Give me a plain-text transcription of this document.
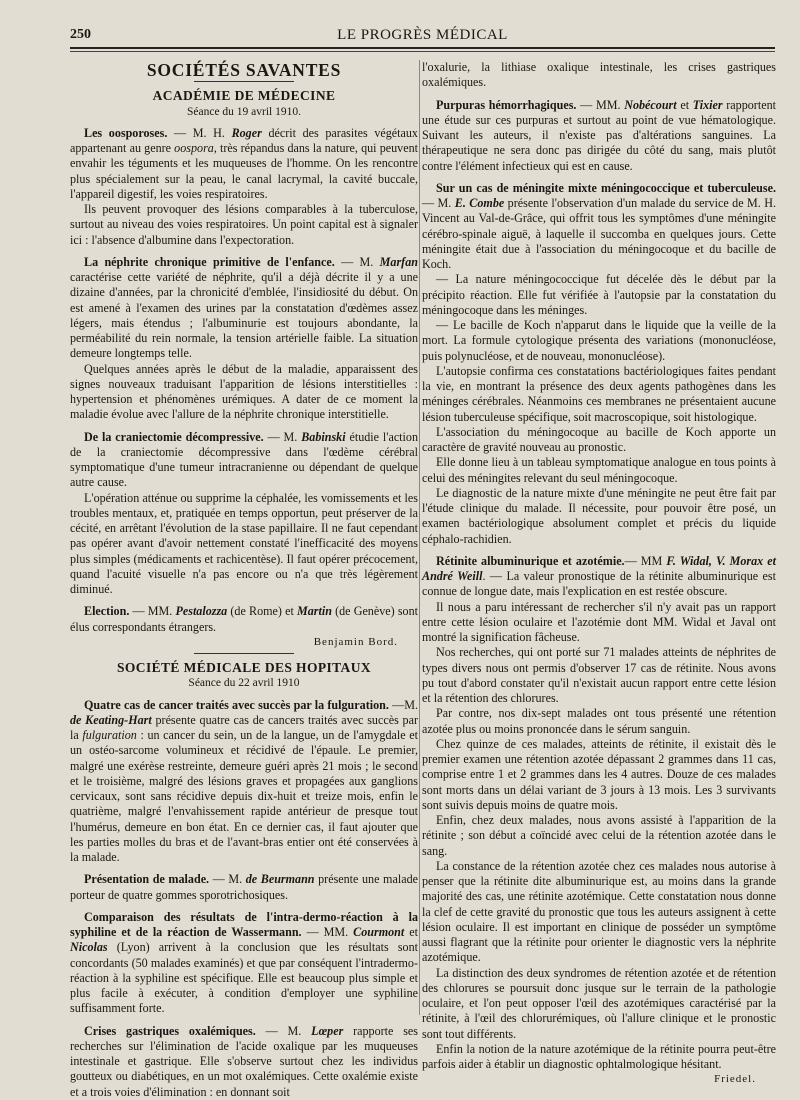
250	LE PROGRÈS MÉDICAL
SOCIÉTÉS SAVANTES
ACADÉMIE DE MÉDECINE
Séance du 19 avril 1910.

Les oosporoses. — M. H. Roger décrit des parasites végétaux appartenant au genre oospora, très répandus dans la nature, qui peuvent envahir les téguments et les muqueuses de l'homme. On les rencontre plus spécialement sur la peau, le canal lacrymal, la cavité buccale, l'appareil digestif, les voies respiratoires.

Ils peuvent provoquer des lésions comparables à la tuberculose, surtout au niveau des voies respiratoires. Un point capital est à signaler ici : l'absence d'albumine dans l'expectoration.

La néphrite chronique primitive de l'enfance. — M. Marfan caractérise cette variété de néphrite, qu'il a déjà décrite il y a une dizaine d'années, par la chronicité d'emblée, l'insidiosité du début. On est amené à l'examen des urines par la constatation d'œdèmes assez légers, mais étendus ; l'albuminurie est toujours abondante, la perméabilité du rein normale, la tension artérielle faible. La situation demeure longtemps telle.

Quelques années après le début de la maladie, apparaissent des signes nouveaux traduisant l'apparition de lésions interstitielles : hypertension et phénomènes urémiques. A dater de ce moment la maladie évolue avec l'allure de la néphrite chronique interstitielle.

De la craniectomie décompressive. — M. Babinski étudie l'action de la craniectomie décompressive dans l'œdème cérébral symptomatique d'une tumeur intracranienne ou dépendant de quelque autre cause.

L'opération atténue ou supprime la céphalée, les vomissements et les troubles mentaux, et, pratiquée en temps opportun, peut préserver de la cécité, en arrêtant l'évolution de la stase papillaire. Il ne faut cependant pas opérer avant d'avoir nettement constaté l'inefficacité des moyens plus simples (médicaments et rachicentèse). Il faut opérer précocement, quand l'acuité visuelle n'a pas encore ou n'a que très légèrement diminué.

Election. — MM. Pestalozza (de Rome) et Martin (de Genève) sont élus correspondants étrangers.

Benjamin Bord.
SOCIÉTÉ MÉDICALE DES HOPITAUX
Séance du 22 avril 1910

Quatre cas de cancer traités avec succès par la fulguration. —M. de Keating-Hart présente quatre cas de cancers traités avec succès par la fulguration : un cancer du sein, un de la langue, un de l'amygdale et un ostéo-sarcome volumineux et récidivé de l'épaule. Le premier, malgré une exérèse restreinte, demeure guéri après 21 mois ; le second et le troisième, malgré des lésions graves et propagées aux ganglions cervicaux, sont sans récidive depuis dix-huit et treize mois, enfin le quatrième, malgré l'envahissement rapide antérieur de presque tout l'humérus, demeure en bon état. En ce dernier cas, il faut ajouter que les parties molles du bras et de l'avant-bras entier ont été conservées à la malade.

Présentation de malade. — M. de Beurmann présente une malade porteur de quatre gommes sporotrichosiques.

Comparaison des résultats de l'intra-dermo-réaction à la syphiline et de la réaction de Wassermann. — MM. Courmont et Nicolas (Lyon) arrivent à la conclusion que les résultats sont concordants (50 malades examinés) et que par conséquent l'intradermo-réaction à la syphiline est spécifique. Elle est beaucoup plus simple et plus facile à exécuter, à condition d'employer une syphiline suffisamment forte.

Crises gastriques oxalémiques. — M. Lœper rapporte ses recherches sur l'élimination de l'acide oxalique par les muqueuses intestinale et gastrique. Elle s'observe surtout chez les individus goutteux ou diabétiques, en un mot oxalémiques. Cette oxalémie existe et a trois voies d'élimination : en donnant soit

l'oxalurie, la lithiase oxalique intestinale, les crises gastriques oxalémiques.

Purpuras hémorrhagiques. — MM. Nobécourt et Tixier rapportent une étude sur ces purpuras et surtout au point de vue hématologique. Suivant les auteurs, il n'existe pas d'altérations sanguines. La thérapeutique ne sera donc pas dirigée du côté du sang, mais plutôt contre l'élément infectieux qui est en cause.

Sur un cas de méningite mixte méningococcique et tuberculeuse.— M. E. Combe présente l'observation d'un malade du service de M. H. Vincent au Val-de-Grâce, qui offrit tous les symptômes d'une méningite cérébro-spinale aiguë, à laquelle il succomba en quelques jours. Cette méningite était due à l'association du méningocoque et du bacille de Koch.

— La nature méningococcique fut décelée dès le début par la précipito réaction. Elle fut vérifiée à l'autopsie par la constatation du méningocoque dans les méninges.

— Le bacille de Koch n'apparut dans le liquide que la veille de la mort. La formule cytologique présenta des variations (mononucléose, puis polynucléose, et de nouveau, mononucléose).

L'autopsie confirma ces constatations bactériologiques faites pendant la vie, en montrant la présence des deux agents pathogènes dans les méninges cérébrales. Néanmoins ces membranes ne présentaient aucune lésion tuberculeuse spécifique, soit macroscopique, soit histologique.

L'association du méningocoque au bacille de Koch apporte un caractère de gravité nouveau au pronostic.

Elle donne lieu à un tableau symptomatique analogue en tous points à celui des méningites relevant du seul méningocoque.

Le diagnostic de la nature mixte d'une méningite ne peut être fait par l'étude clinique du malade. Il nécessite, pour pouvoir être posé, un examen bactériologique absolument complet et précis du liquide céphalo-rachidien.

Rétinite albuminurique et azotémie.— MM F. Widal, V. Morax et André Weill. — La valeur pronostique de la rétinite albuminurique est connue de longue date, mais l'explication en est restée obscure.

Il nous a paru intéressant de rechercher s'il n'y avait pas un rapport entre cette lésion oculaire et l'azotémie dont MM. Widal et Javal ont montré la signification fâcheuse.

Nos recherches, qui ont porté sur 71 malades atteints de néphrites de types divers nous ont permis d'observer 17 cas de rétinite. Nous avons pu tout d'abord constater qu'il n'existait aucun rapport entre cette lésion et la rétention des chlorures.

Par contre, nos dix-sept malades ont tous présenté une rétention azotée plus ou moins prononcée dans le sérum sanguin.

Chez quinze de ces malades, atteints de rétinite, il existait dès le premier examen une rétention azotée dépassant 2 grammes dans 11 cas, comprise entre 1 et 2 grammes dans les 4 autres. Douze de ces malades sont morts dans un délai variant de 3 jours à 13 mois. Les 3 survivants sont suivis depuis moins de quatre mois.

Enfin, chez deux malades, nous avons assisté à l'apparition de la rétinite ; son début a coïncidé avec celui de la rétention azotée dans le sang.

La constance de la rétention azotée chez ces malades nous autorise à penser que la rétinite dite albuminurique est, au moins dans la grande majorité des cas, une rétinite azotémique. Cette constatation nous donne la clef de cette gravité du pronostic que tous les auteurs assignent à cette lésion oculaire. Il est important en clinique de posséder un symptôme aussi flagrant que la rétinite pour orienter le diagnostic vers la néphrite azotémique.

La distinction des deux syndromes de rétention azotée et de rétention des chlorures se poursuit donc jusque sur le terrain de la pathologie oculaire, et l'on peut opposer l'œil des azotémiques caractérisé par la rétinite, à l'œil des chlorurémiques, où l'allure clinique et le pronostic sont tout différents.

Enfin la notion de la nature azotémique de la rétinite pourra peut-être parfois aider à établir un diagnostic ophtalmologique hésitant.

Friedel.
